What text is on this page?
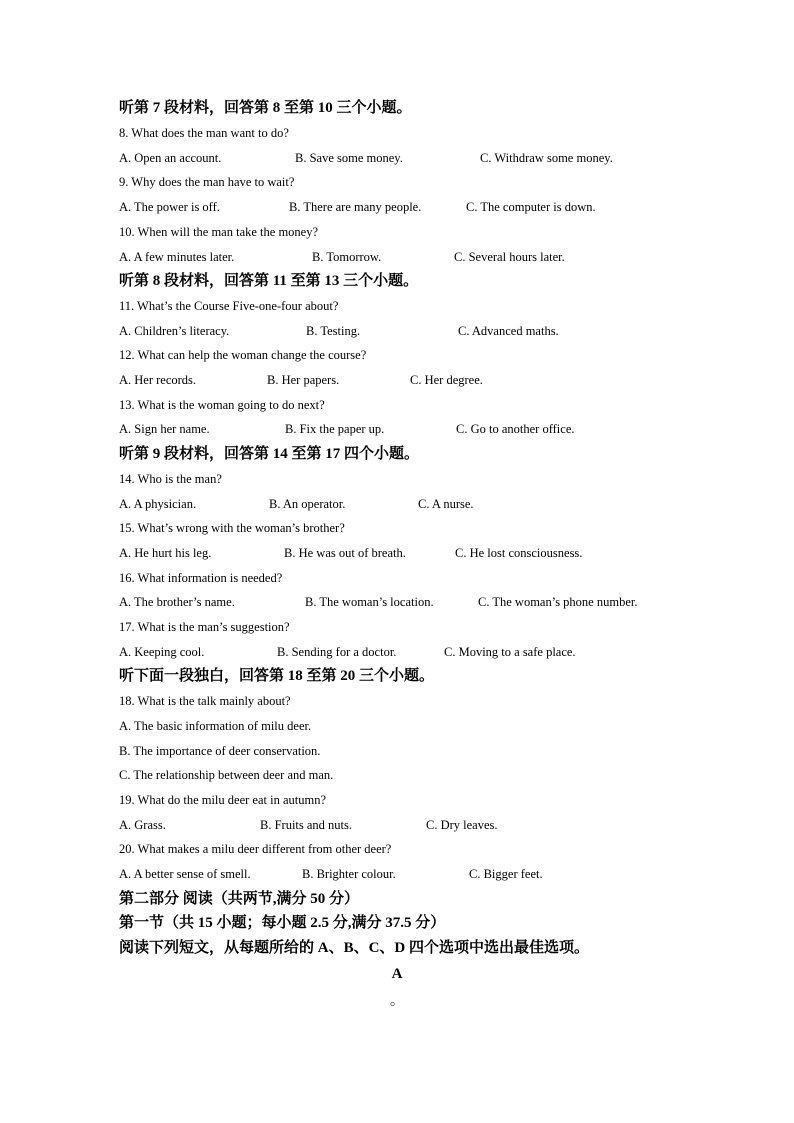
听第 7 段材料，回答第 8 至第 10 三个小题。
8. What does the man want to do?
A. Open an account.	B. Save some money.	C. Withdraw some money.
9. Why does the man have to wait?
A. The power is off.	B. There are many people.	C. The computer is down.
10. When will the man take the money?
A. A few minutes later.	B. Tomorrow.	C. Several hours later.
听第 8 段材料，回答第 11 至第 13 三个小题。
11. What’s the Course Five-one-four about?
A. Children’s literacy.	B. Testing.	C. Advanced maths.
12. What can help the woman change the course?
A. Her records.	B. Her papers.	C. Her degree.
13. What is the woman going to do next?
A. Sign her name.	B. Fix the paper up.	C. Go to another office.
听第 9 段材料，回答第 14 至第 17 四个小题。
14. Who is the man?
A. A physician.	B. An operator.	C. A nurse.
15. What’s wrong with the woman’s brother?
A. He hurt his leg.	B. He was out of breath.	C. He lost consciousness.
16. What information is needed?
A. The brother’s name.	B. The woman’s location.	C. The woman’s phone number.
17. What is the man’s suggestion?
A. Keeping cool.	B. Sending for a doctor.	C. Moving to a safe place.
听下面一段独白，回答第 18 至第 20 三个小题。
18. What is the talk mainly about?
A. The basic information of milu deer.
B. The importance of deer conservation.
C. The relationship between deer and man.
19. What do the milu deer eat in autumn?
A. Grass.	B. Fruits and nuts.	C. Dry leaves.
20. What makes a milu deer different from other deer?
A. A better sense of smell.	B. Brighter colour.	C. Bigger feet.
第二部分 阅读（共两节,满分 50 分）
第一节（共 15 小题；每小题 2.5 分,满分 37.5 分）
阅读下列短文，从每题所给的 A、B、C、D 四个选项中选出最佳选项。
A
。
